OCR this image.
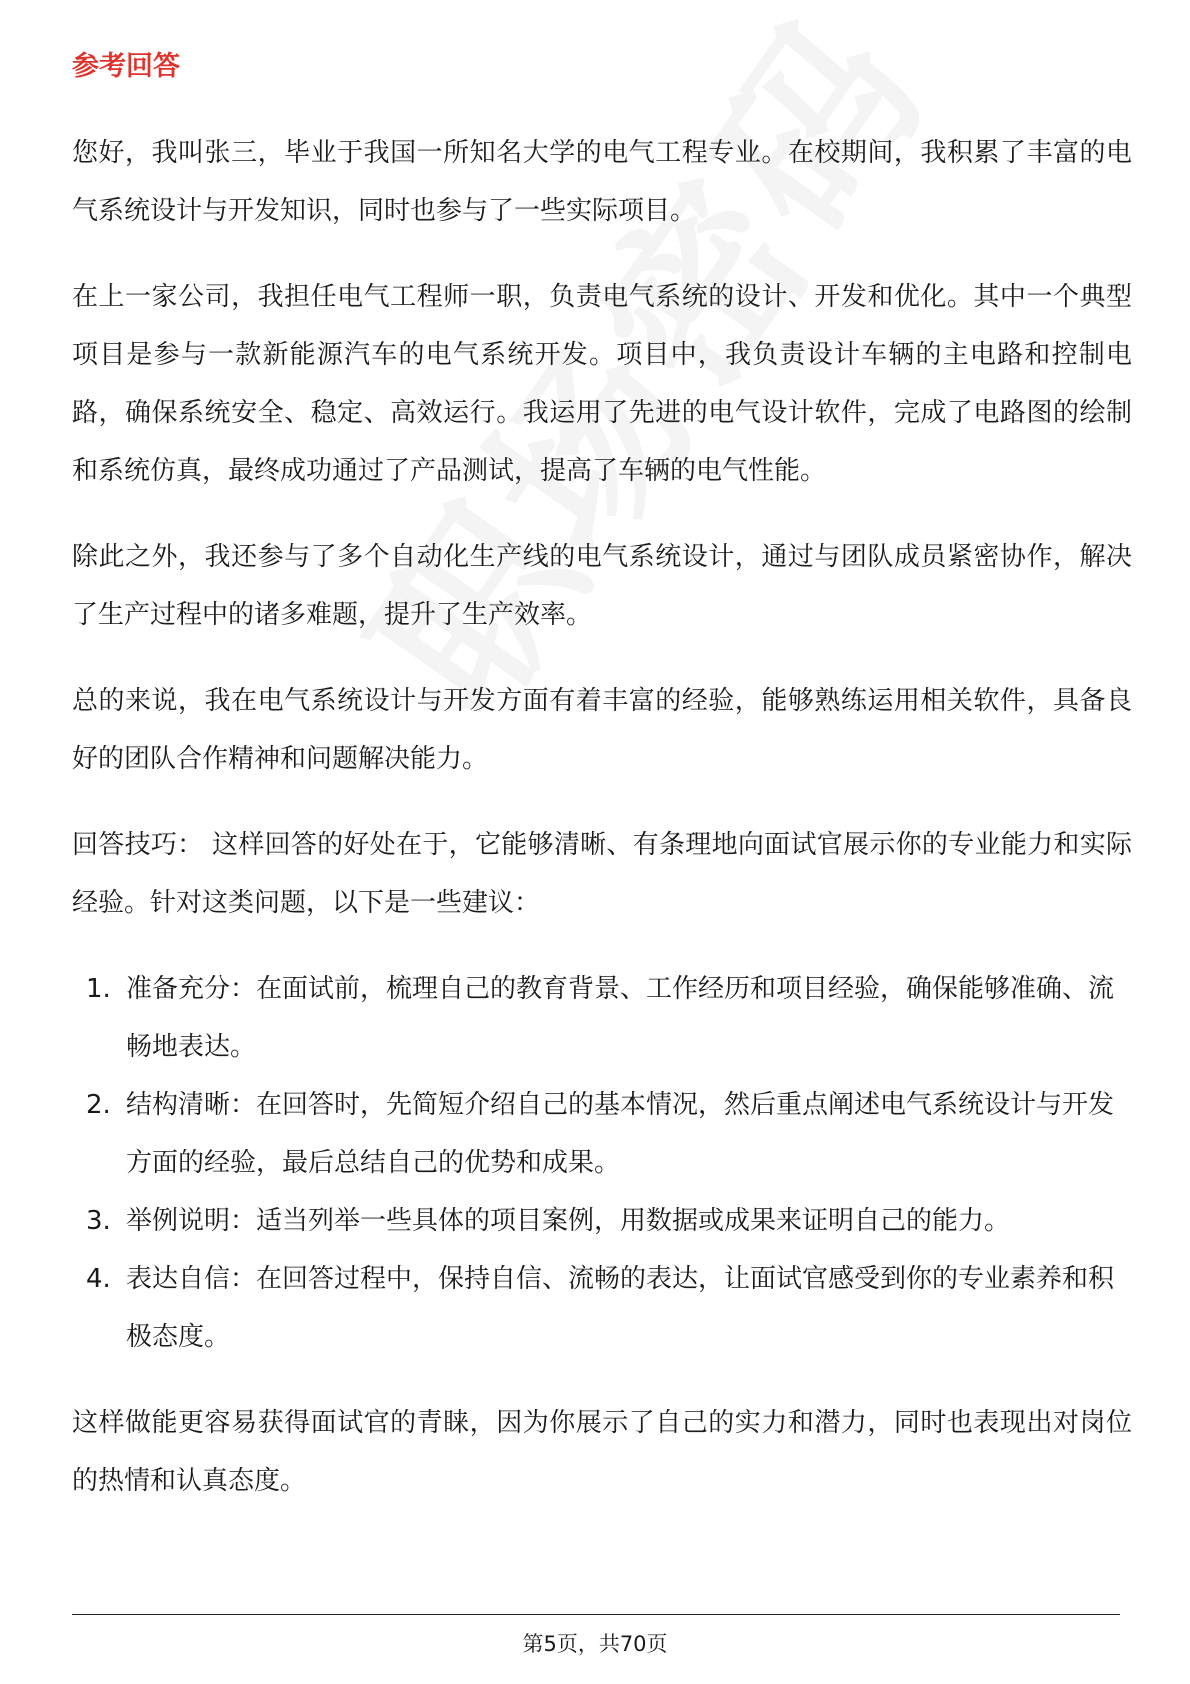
参考回答

您好，我叫张三，毕业于我国一所知名大学的电气工程专业。在校期间，我积累了丰富的电气系统设计与开发知识，同时也参与了一些实际项目。

在上一家公司，我担任电气工程师一职，负责电气系统的设计、开发和优化。其中一个典型项目是参与一款新能源汽车的电气系统开发。项目中，我负责设计车辆的主电路和控制电路，确保系统安全、稳定、高效运行。我运用了先进的电气设计软件，完成了电路图的绘制和系统仿真，最终成功通过了产品测试，提高了车辆的电气性能。

除此之外，我还参与了多个自动化生产线的电气系统设计，通过与团队成员紧密协作，解决了生产过程中的诸多难题，提升了生产效率。

总的来说，我在电气系统设计与开发方面有着丰富的经验，能够熟练运用相关软件，具备良好的团队合作精神和问题解决能力。

回答技巧： 这样回答的好处在于，它能够清晰、有条理地向面试官展示你的专业能力和实际经验。针对这类问题，以下是一些建议：

1. 准备充分：在面试前，梳理自己的教育背景、工作经历和项目经验，确保能够准确、流畅地表达。
2. 结构清晰：在回答时，先简短介绍自己的基本情况，然后重点阐述电气系统设计与开发方面的经验，最后总结自己的优势和成果。
3. 举例说明：适当列举一些具体的项目案例，用数据或成果来证明自己的能力。
4. 表达自信：在回答过程中，保持自信、流畅的表达，让面试官感受到你的专业素养和积极态度。

这样做能更容易获得面试官的青睐，因为你展示了自己的实力和潜力，同时也表现出对岗位的热情和认真态度。

第5页，共70页
